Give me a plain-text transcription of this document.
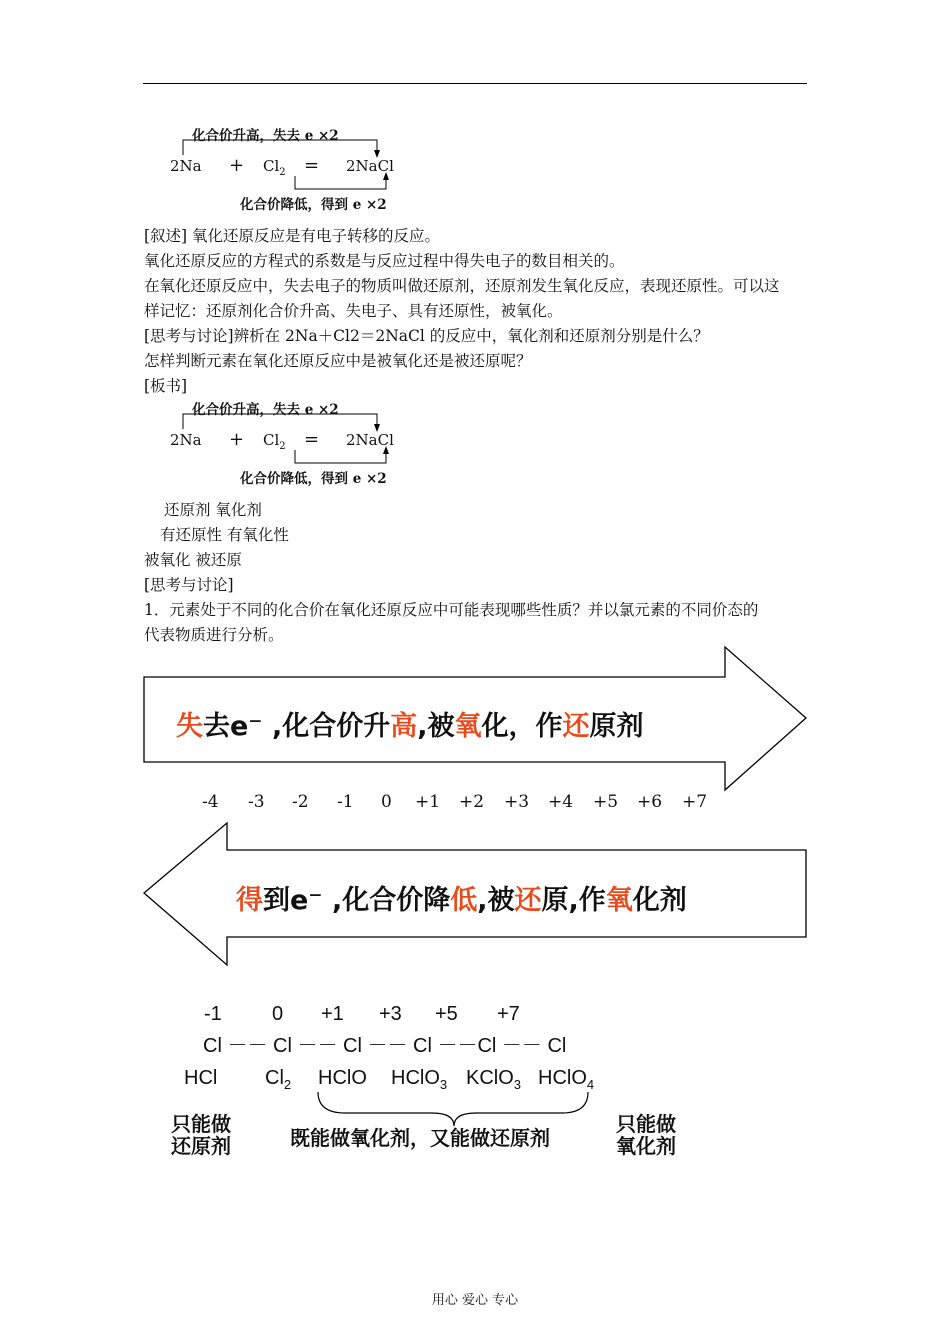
化合价升高，失去 e ×2
$2Na + Cl_2$ = 2NaCl
化合价降低，得到 e ×2
[叙述] 氧化还原反应是有电子转移的反应。
氧化还原反应的方程式的系数是与反应过程中得失电子的数目相关的。
在氧化还原反应中，失去电子的物质叫做还原剂，还原剂发生氧化反应，表现还原性。可以这
样记忆：还原剂化合价升高、失电子、具有还原性，被氧化。
[思考与讨论]辨析在 2Na＋Cl2＝2NaCl 的反应中，氧化剂和还原剂分别是什么？
怎样判断元素在氧化还原反应中是被氧化还是被还原呢？
[板书]
化合价升高，失去 e ×2
$2Na + Cl_2$ = 2NaCl
化合价降低，得到 e ×2
还原剂 氧化剂
有还原性 有氧化性
被氧化 被还原
[思考与讨论]
1．元素处于不同的化合价在氧化还原反应中可能表现哪些性质？并以氯元素的不同价态的
代表物质进行分析。
失去e⁻ ,化合价升高,被氧化，作还原剂
-4 -3 -2 -1 0 +1 +2 +3 +4 +5 +6 +7
得到e⁻ ,化合价降低,被还原,作氧化剂
-1	0 +1 +3 +5 +7
Cl －－ Cl －－ Cl －－ Cl －－Cl －－ Cl
HCl $Cl_2$ HClO HClO$_3$ KClO$_3$ HClO$_4$
只能做
还原剂	既能做氧化剂，又能做还原剂
只能做
氧化剂
用心 爱心 专心
